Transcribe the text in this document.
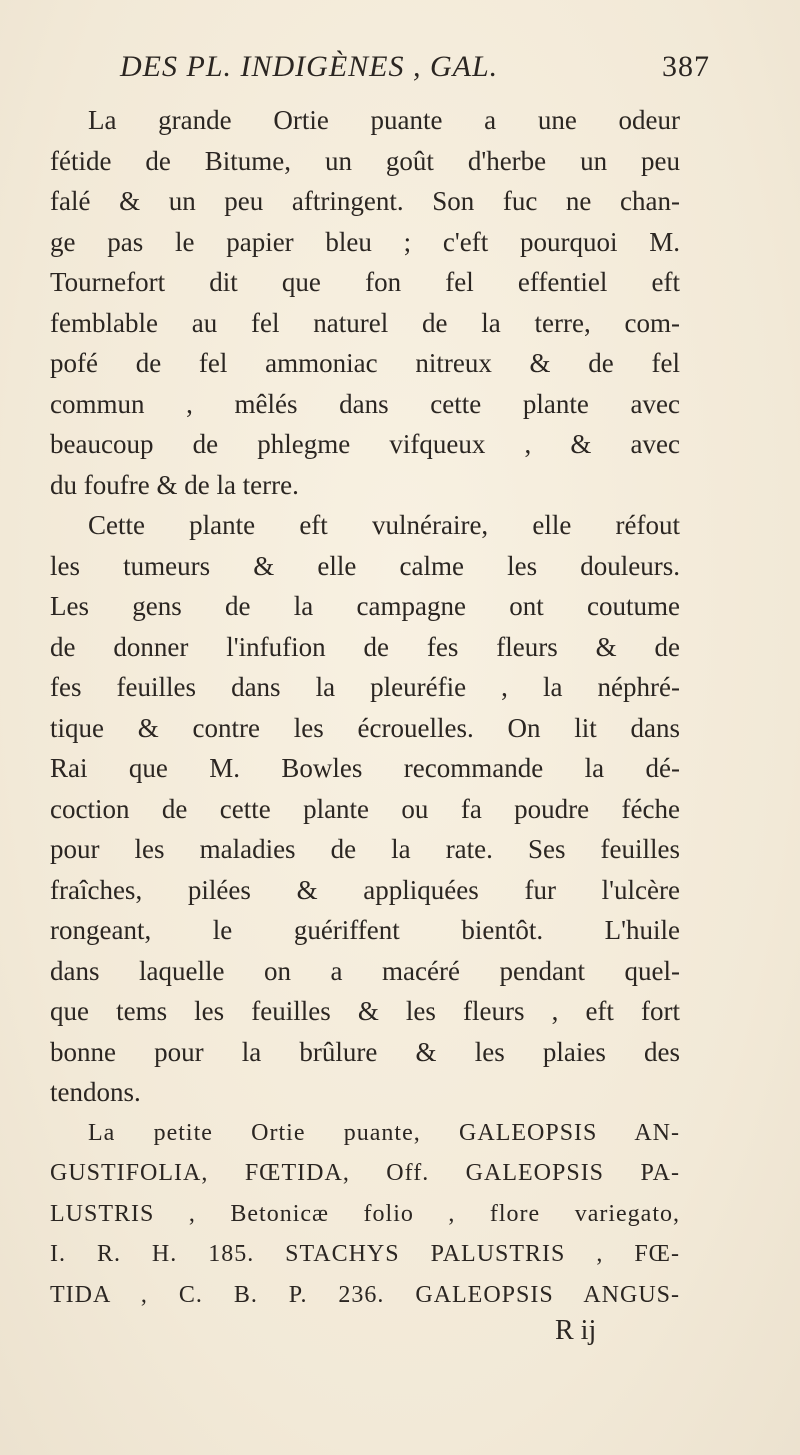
DES PL. INDIGÈNES , GAL.	387
La grande Ortie puante a une odeur
fétide de Bitume, un goût d'herbe un peu
falé & un peu aftringent. Son fuc ne chan-
ge pas le papier bleu ; c'eft pourquoi M.
Tournefort dit que fon fel effentiel eft
femblable au fel naturel de la terre, com-
pofé de fel ammoniac nitreux & de fel
commun , mêlés dans cette plante avec
beaucoup de phlegme vifqueux , & avec
du foufre & de la terre.
Cette plante eft vulnéraire, elle réfout
les tumeurs & elle calme les douleurs.
Les gens de la campagne ont coutume
de donner l'infufion de fes fleurs & de
fes feuilles dans la pleuréfie , la néphré-
tique & contre les écrouelles. On lit dans
Rai que M. Bowles recommande la dé-
coction de cette plante ou fa poudre féche
pour les maladies de la rate. Ses feuilles
fraîches, pilées & appliquées fur l'ulcère
rongeant, le guériffent bientôt. L'huile
dans laquelle on a macéré pendant quel-
que tems les feuilles & les fleurs , eft fort
bonne pour la brûlure & les plaies des
tendons.
La petite Ortie puante, GALEOPSIS AN-
GUSTIFOLIA, FŒTIDA, Off. GALEOPSIS PA-
LUSTRIS , Betonicæ folio , flore variegato,
I. R. H. 185. STACHYS PALUSTRIS , FŒ-
TIDA , C. B. P. 236. GALEOPSIS ANGUS-
R ij
